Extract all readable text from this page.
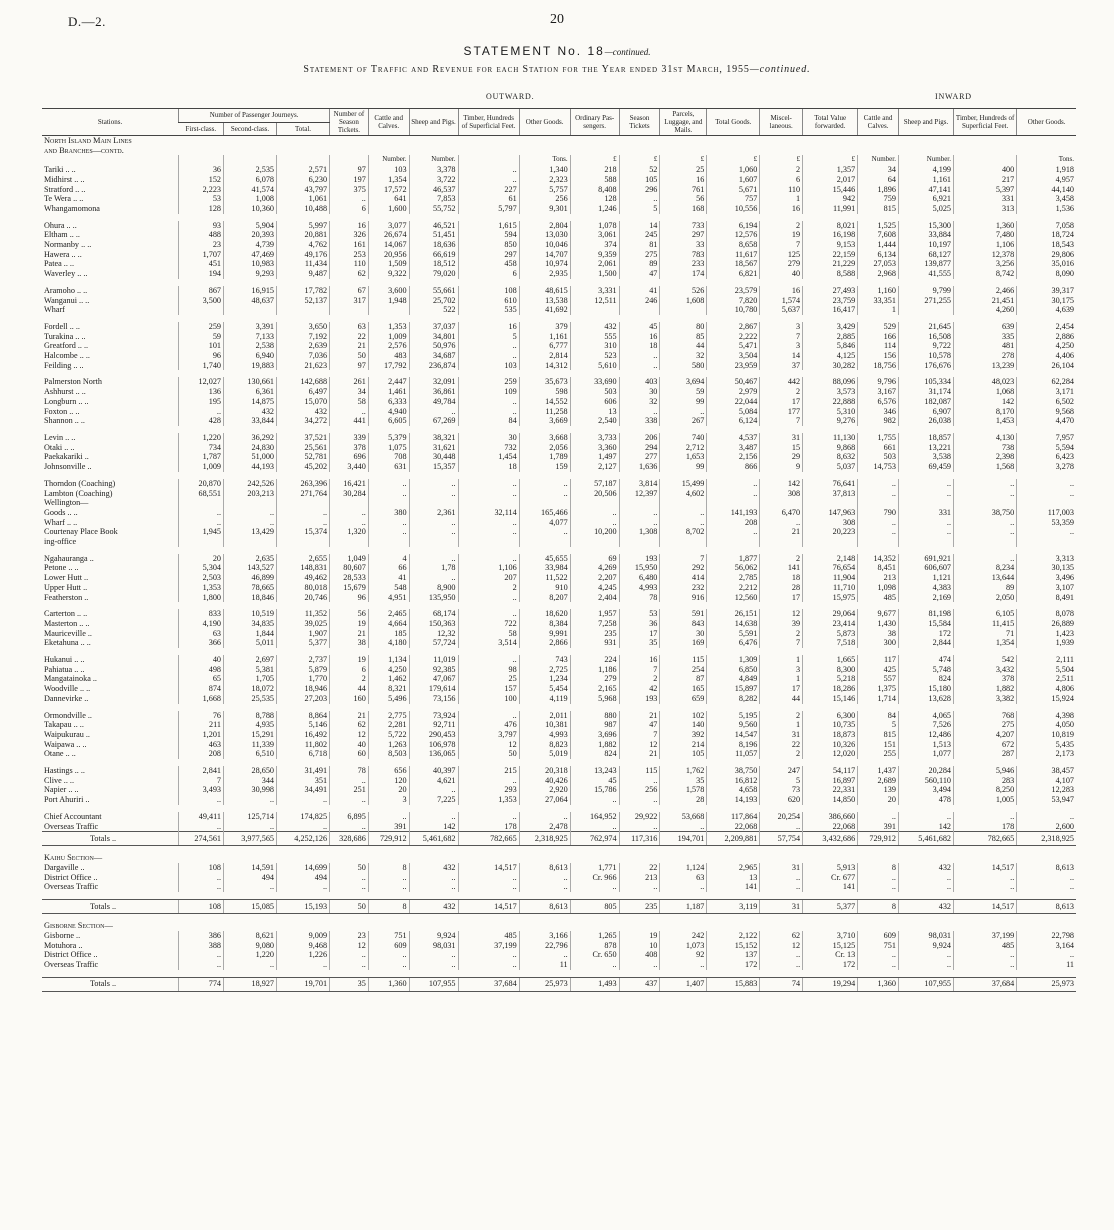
D.—2.	20
STATEMENT No. 18—continued.
Statement of Traffic and Revenue for each Station for the Year ended 31st March, 1955—continued.
OUTWARD.	INWARD
Stations.	Number of Passenger Journeys.			Number of Season Tickets.	Cattle and Calves.	Sheep and Pigs.	Timber, Hundreds of Superficial Feet.	Other Goods.	Ordinary Pas-sengers.	Season Tickets	Parcels, Luggage, and Mails.	Total Goods.	Miscel-laneous.	Total Value forwarded.	Cattle and Calves.	Sheep and Pigs.	Timber, Hundreds of Superficial Feet.	Other Goods.
	First-class.	Second-class.	Total.															
North Island Main Lines																		
and Branches—contd.																		
					Number.	Number.		Tons.	£	£	£	£	£	£	Number.	Number.		Tons.
Tariki .. ..	36	2,535	2,571	97	103	3,378	..	1,340	218	52	25	1,060	2	1,357	34	4,199	400	1,918
Midhirst .. ..	152	6,078	6,230	197	1,354	3,722	..	2,323	588	105	16	1,607	6	2,017	64	1,161	217	4,957
Stratford .. ..	2,223	41,574	43,797	375	17,572	46,537	227	5,757	8,408	296	761	5,671	110	15,446	1,896	47,141	5,397	44,140
Te Wera .. ..	53	1,008	1,061	..	641	7,853	61	256	128	..	56	757	1	942	759	6,921	331	3,458
Whangamomona	128	10,360	10,488	6	1,600	55,752	5,797	9,301	1,246	5	168	10,556	16	11,991	815	5,025	313	1,536

Ohura .. ..	93	5,904	5,997	16	3,077	46,521	1,615	2,804	1,078	14	733	6,194	2	8,021	1,525	15,300	1,360	7,058
Eltham .. ..	488	20,393	20,881	326	26,674	51,451	594	13,030	3,061	245	297	12,576	19	16,198	7,608	33,884	7,480	18,724
Normanby .. ..	23	4,739	4,762	161	14,067	18,636	850	10,046	374	81	33	8,658	7	9,153	1,444	10,197	1,106	18,543
Hawera .. ..	1,707	47,469	49,176	253	20,956	66,619	297	14,707	9,359	275	783	11,617	125	22,159	6,134	68,127	12,378	29,806
Patea .. ..	451	10,983	11,434	110	1,509	18,512	458	10,974	2,061	89	233	18,567	279	21,229	27,053	139,877	3,256	35,016
Waverley .. ..	194	9,293	9,487	62	9,322	79,020	6	2,935	1,500	47	174	6,821	40	8,588	2,968	41,555	8,742	8,090

Aramoho .. ..	867	16,915	17,782	67	3,600	55,661	108	48,615	3,331	41	526	23,579	16	27,493	1,160	9,799	2,466	39,317
Wanganui .. ..	3,500	48,637	52,137	317	1,948	25,702	610	13,538	12,511	246	1,608	7,820	1,574	23,759	33,351	271,255	21,451	30,175
Wharf						522	535	41,692				10,780	5,637	16,417	1		4,260	4,639

Fordell .. ..	259	3,391	3,650	63	1,353	37,037	16	379	432	45	80	2,867	3	3,429	529	21,645	639	2,454
Turakina .. ..	59	7,133	7,192	22	1,009	34,801	5	1,161	555	16	85	2,222	7	2,885	166	16,508	335	2,886
Greatford .. ..	101	2,538	2,639	21	2,576	50,976	..	6,777	310	18	44	5,471	3	5,846	114	9,722	481	4,250
Halcombe .. ..	96	6,940	7,036	50	483	34,687	..	2,814	523	..	32	3,504	14	4,125	156	10,578	278	4,406
Feilding .. ..	1,740	19,883	21,623	97	17,792	236,874	103	14,312	5,610	..	580	23,959	37	30,282	18,756	176,676	13,239	26,104

Palmerston North	12,027	130,661	142,688	261	2,447	32,091	259	35,673	33,690	403	3,694	50,467	442	88,096	9,796	105,334	48,023	62,284
Ashhurst .. ..	136	6,361	6,497	34	1,461	36,861	109	598	503	30	59	2,979	2	3,573	3,167	31,174	1,068	3,171
Longburn .. ..	195	14,875	15,070	58	6,333	49,784	..	14,552	606	32	99	22,044	17	22,888	6,576	182,087	142	6,502
Foxton .. ..	..	432	432	..	4,940	..	..	11,258	13	..	..	5,084	177	5,310	346	6,907	8,170	9,568
Shannon .. ..	428	33,844	34,272	441	6,605	67,269	84	3,669	2,540	338	267	6,124	7	9,276	982	26,038	1,453	4,470

Levin .. ..	1,220	36,292	37,521	339	5,379	38,321	30	3,668	3,733	206	740	4,537	31	11,130	1,755	18,857	4,130	7,957
Otaki .. ..	734	24,830	25,561	378	1,075	31,621	732	2,056	3,360	294	2,712	3,487	15	9,868	661	13,221	738	5,594
Paekakariki ..	1,787	51,000	52,781	696	708	30,448	1,454	1,789	1,497	277	1,653	2,156	29	8,632	503	3,538	2,398	6,423
Johnsonville ..	1,009	44,193	45,202	3,440	631	15,357	18	159	2,127	1,636	99	866	9	5,037	14,753	69,459	1,568	3,278

Thorndon (Coaching)	20,870	242,526	263,396	16,421	..	..	..	..	57,187	3,814	15,499	..	142	76,641	..	..	..	..
Lambton (Coaching)	68,551	203,213	271,764	30,284	..	..	..	..	20,506	12,397	4,602	..	308	37,813	..	..	..	..
Wellington—																		
Goods .. ..	..	..	..	..	380	2,361	32,114	165,466	..	..	..	141,193	6,470	147,963	790	331	38,750	117,003
Wharf .. ..	..	..	..	..	..	..	..	4,077	..	..	..	208	..	308	..	..	..	53,359
Courtenay Place Book	1,945	13,429	15,374	1,320	..	..	..	..	10,200	1,308	8,702	..	21	20,223	..	..	..	..
ing-office																		

Ngahauranga ..	20	2,635	2,655	1,049	4	..	..	45,655	69	193	7	1,877	2	2,148	14,352	691,921	..	3,313
Petone .. ..	5,304	143,527	148,831	80,607	66	1,78	1,106	33,984	4,269	15,950	292	56,062	141	76,654	8,451	606,607	8,234	30,135
Lower Hutt ..	2,503	46,899	49,462	28,533	41	..	207	11,522	2,207	6,480	414	2,785	18	11,904	213	1,121	13,644	3,496
Upper Hutt ..	1,353	78,665	80,018	15,679	548	8,900	2	910	4,245	4,993	232	2,212	28	11,710	1,098	4,383	89	3,107
Featherston ..	1,800	18,846	20,746	96	4,951	135,950	..	8,207	2,404	78	916	12,560	17	15,975	485	2,169	2,050	8,491

Carterton .. ..	833	10,519	11,352	56	2,465	68,174	..	18,620	1,957	53	591	26,151	12	29,064	9,677	81,198	6,105	8,078
Masterton .. ..	4,190	34,835	39,025	19	4,664	150,363	722	8,384	7,258	36	843	14,638	39	23,414	1,430	15,584	11,415	26,889
Mauriceville ..	63	1,844	1,907	21	185	12,32	58	9,991	235	17	30	5,591	2	5,873	38	172	71	1,423
Eketahuna .. ..	366	5,011	5,377	38	4,180	57,724	3,514	2,866	931	35	169	6,476	7	7,518	300	2,844	1,354	1,939

Hukanui .. ..	40	2,697	2,737	19	1,134	11,019	..	743	224	16	115	1,309	1	1,665	117	474	542	2,111
Pahiatua .. ..	498	5,381	5,879	6	4,250	92,385	98	2,725	1,186	7	254	6,850	3	8,300	425	5,748	3,432	5,504
Mangatainoka ..	65	1,705	1,770	2	1,462	47,067	25	1,234	279	2	87	4,849	1	5,218	557	824	378	2,511
Woodville .. ..	874	18,072	18,946	44	8,321	179,614	157	5,454	2,165	42	165	15,897	17	18,286	1,375	15,180	1,882	4,806
Dannevirke ..	1,668	25,535	27,203	160	5,496	73,156	100	4,119	5,968	193	659	8,282	44	15,146	1,714	13,628	3,382	15,924

Ormondville ..	76	8,788	8,864	21	2,775	73,924	..	2,011	880	21	102	5,195	2	6,300	84	4,065	768	4,398
Takapau .. ..	211	4,935	5,146	62	2,281	92,711	476	10,381	987	47	140	9,560	1	10,735	5	7,526	275	4,050
Waipukurau ..	1,201	15,291	16,492	12	5,722	290,453	3,797	4,993	3,696	7	392	14,547	31	18,873	815	12,486	4,207	10,819
Waipawa .. ..	463	11,339	11,802	40	1,263	106,978	12	8,823	1,882	12	214	8,196	22	10,326	151	1,513	672	5,435
Otane .. ..	208	6,510	6,718	60	8,503	136,065	50	5,019	824	21	105	11,057	2	12,020	255	1,077	287	2,173

Hastings .. ..	2,841	28,650	31,491	78	656	40,397	215	20,318	13,243	115	1,762	38,750	247	54,117	1,437	20,284	5,946	38,457
Clive .. ..	7	344	351	..	120	4,621	..	40,426	45	..	35	16,812	5	16,897	2,689	560,110	283	4,107
Napier .. ..	3,493	30,998	34,491	251	20	..	293	2,920	15,786	256	1,578	4,658	73	22,331	139	3,494	8,250	12,283
Port Ahuriri ..	..	..	..	..	3	7,225	1,353	27,064	..	..	28	14,193	620	14,850	20	478	1,005	53,947

Chief Accountant	49,411	125,714	174,825	6,895	..	..	..	..	164,952	29,922	53,668	117,864	20,254	386,660	..	..	..	..
Overseas Traffic	..	..	..	..	391	142	178	2,478	..	..	..	22,068	..	22,068	391	142	178	2,600
Totals ..	274,561	3,977,565	4,252,126	328,686	729,912	5,461,682	782,665	2,318,925	762,974	117,316	194,701	2,209,881	57,754	3,432,686	729,912	5,461,682	782,665	2,318,925

Kaihu Section—																		
Dargaville ..	108	14,591	14,699	50	8	432	14,517	8,613	1,771	22	1,124	2,965	31	5,913	8	432	14,517	8,613
District Office ..	..	494	494	..	..	..	..	..	Cr. 966	213	63	13	..	Cr. 677	..	..	..	..
Overseas Traffic	..	..	..	..	..	..	..	..	..	..	..	141	..	141	..	..	..	..

Totals ..	108	15,085	15,193	50	8	432	14,517	8,613	805	235	1,187	3,119	31	5,377	8	432	14,517	8,613

Gisborne Section—																		
Gisborne ..	386	8,621	9,009	23	751	9,924	485	3,166	1,265	19	242	2,122	62	3,710	609	98,031	37,199	22,798
Motuhora ..	388	9,080	9,468	12	609	98,031	37,199	22,796	878	10	1,073	15,152	12	15,125	751	9,924	485	3,164
District Office ..	..	1,220	1,226	..	..	..	..	..	Cr. 650	408	92	137	..	Cr. 13	..	..	..	..
Overseas Traffic	..	..	..	..	..	..	..	11	..	..	..	172	..	172	..	..	..	11

Totals ..	774	18,927	19,701	35	1,360	107,955	37,684	25,973	1,493	437	1,407	15,883	74	19,294	1,360	107,955	37,684	25,973
